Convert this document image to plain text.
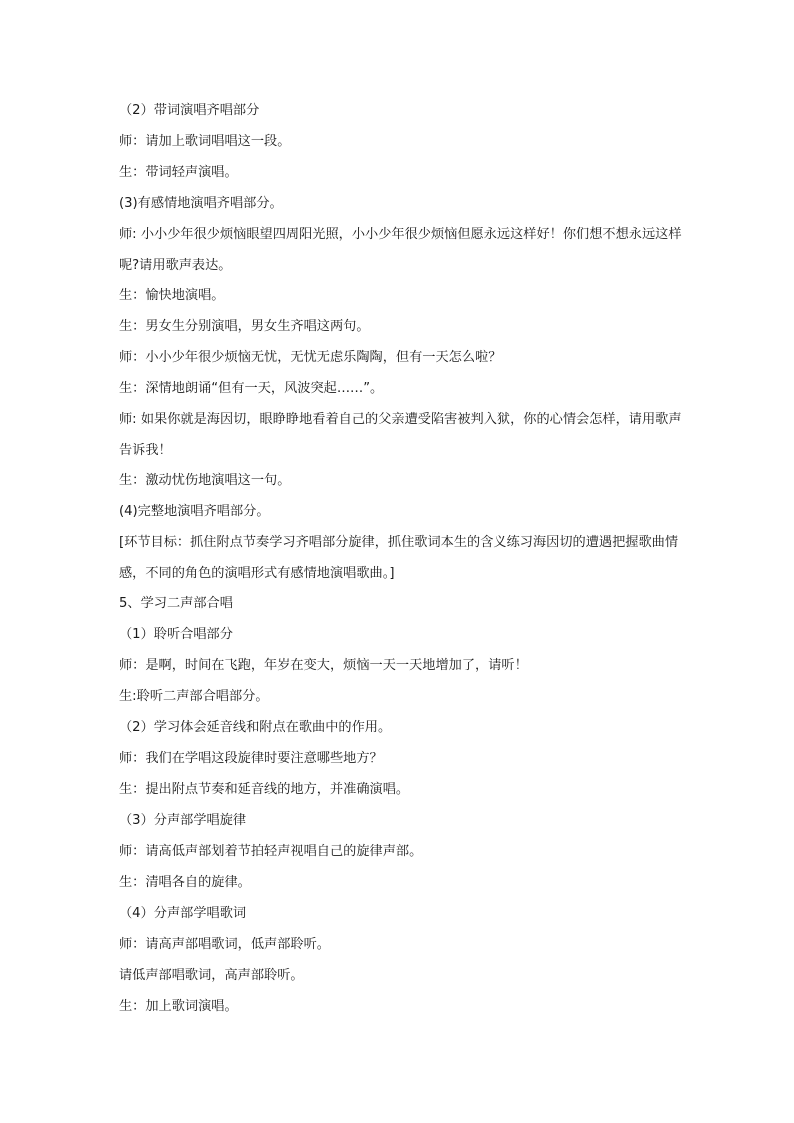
（2）带词演唱齐唱部分

师：请加上歌词唱唱这一段。

生：带词轻声演唱。

(3)有感情地演唱齐唱部分。

师: 小小少年很少烦恼眼望四周阳光照，小小少年很少烦恼但愿永远这样好！你们想不想永远这样呢?请用歌声表达。

生：愉快地演唱。

生：男女生分别演唱，男女生齐唱这两句。

师：小小少年很少烦恼无忧，无忧无虑乐陶陶，但有一天怎么啦？

生：深情地朗诵“但有一天，风波突起……”。

师: 如果你就是海因切，眼睁睁地看着自己的父亲遭受陷害被判入狱，你的心情会怎样，请用歌声告诉我！

生：激动忧伤地演唱这一句。

(4)完整地演唱齐唱部分。

[环节目标：抓住附点节奏学习齐唱部分旋律，抓住歌词本生的含义练习海因切的遭遇把握歌曲情感，不同的角色的演唱形式有感情地演唱歌曲。]

5、学习二声部合唱

（1）聆听合唱部分

师：是啊，时间在飞跑，年岁在变大，烦恼一天一天地增加了，请听！

生:聆听二声部合唱部分。

（2）学习体会延音线和附点在歌曲中的作用。

师：我们在学唱这段旋律时要注意哪些地方？

生：提出附点节奏和延音线的地方，并准确演唱。

（3）分声部学唱旋律

师：请高低声部划着节拍轻声视唱自己的旋律声部。

生：清唱各自的旋律。

（4）分声部学唱歌词

师：请高声部唱歌词，低声部聆听。

请低声部唱歌词，高声部聆听。

生：加上歌词演唱。
